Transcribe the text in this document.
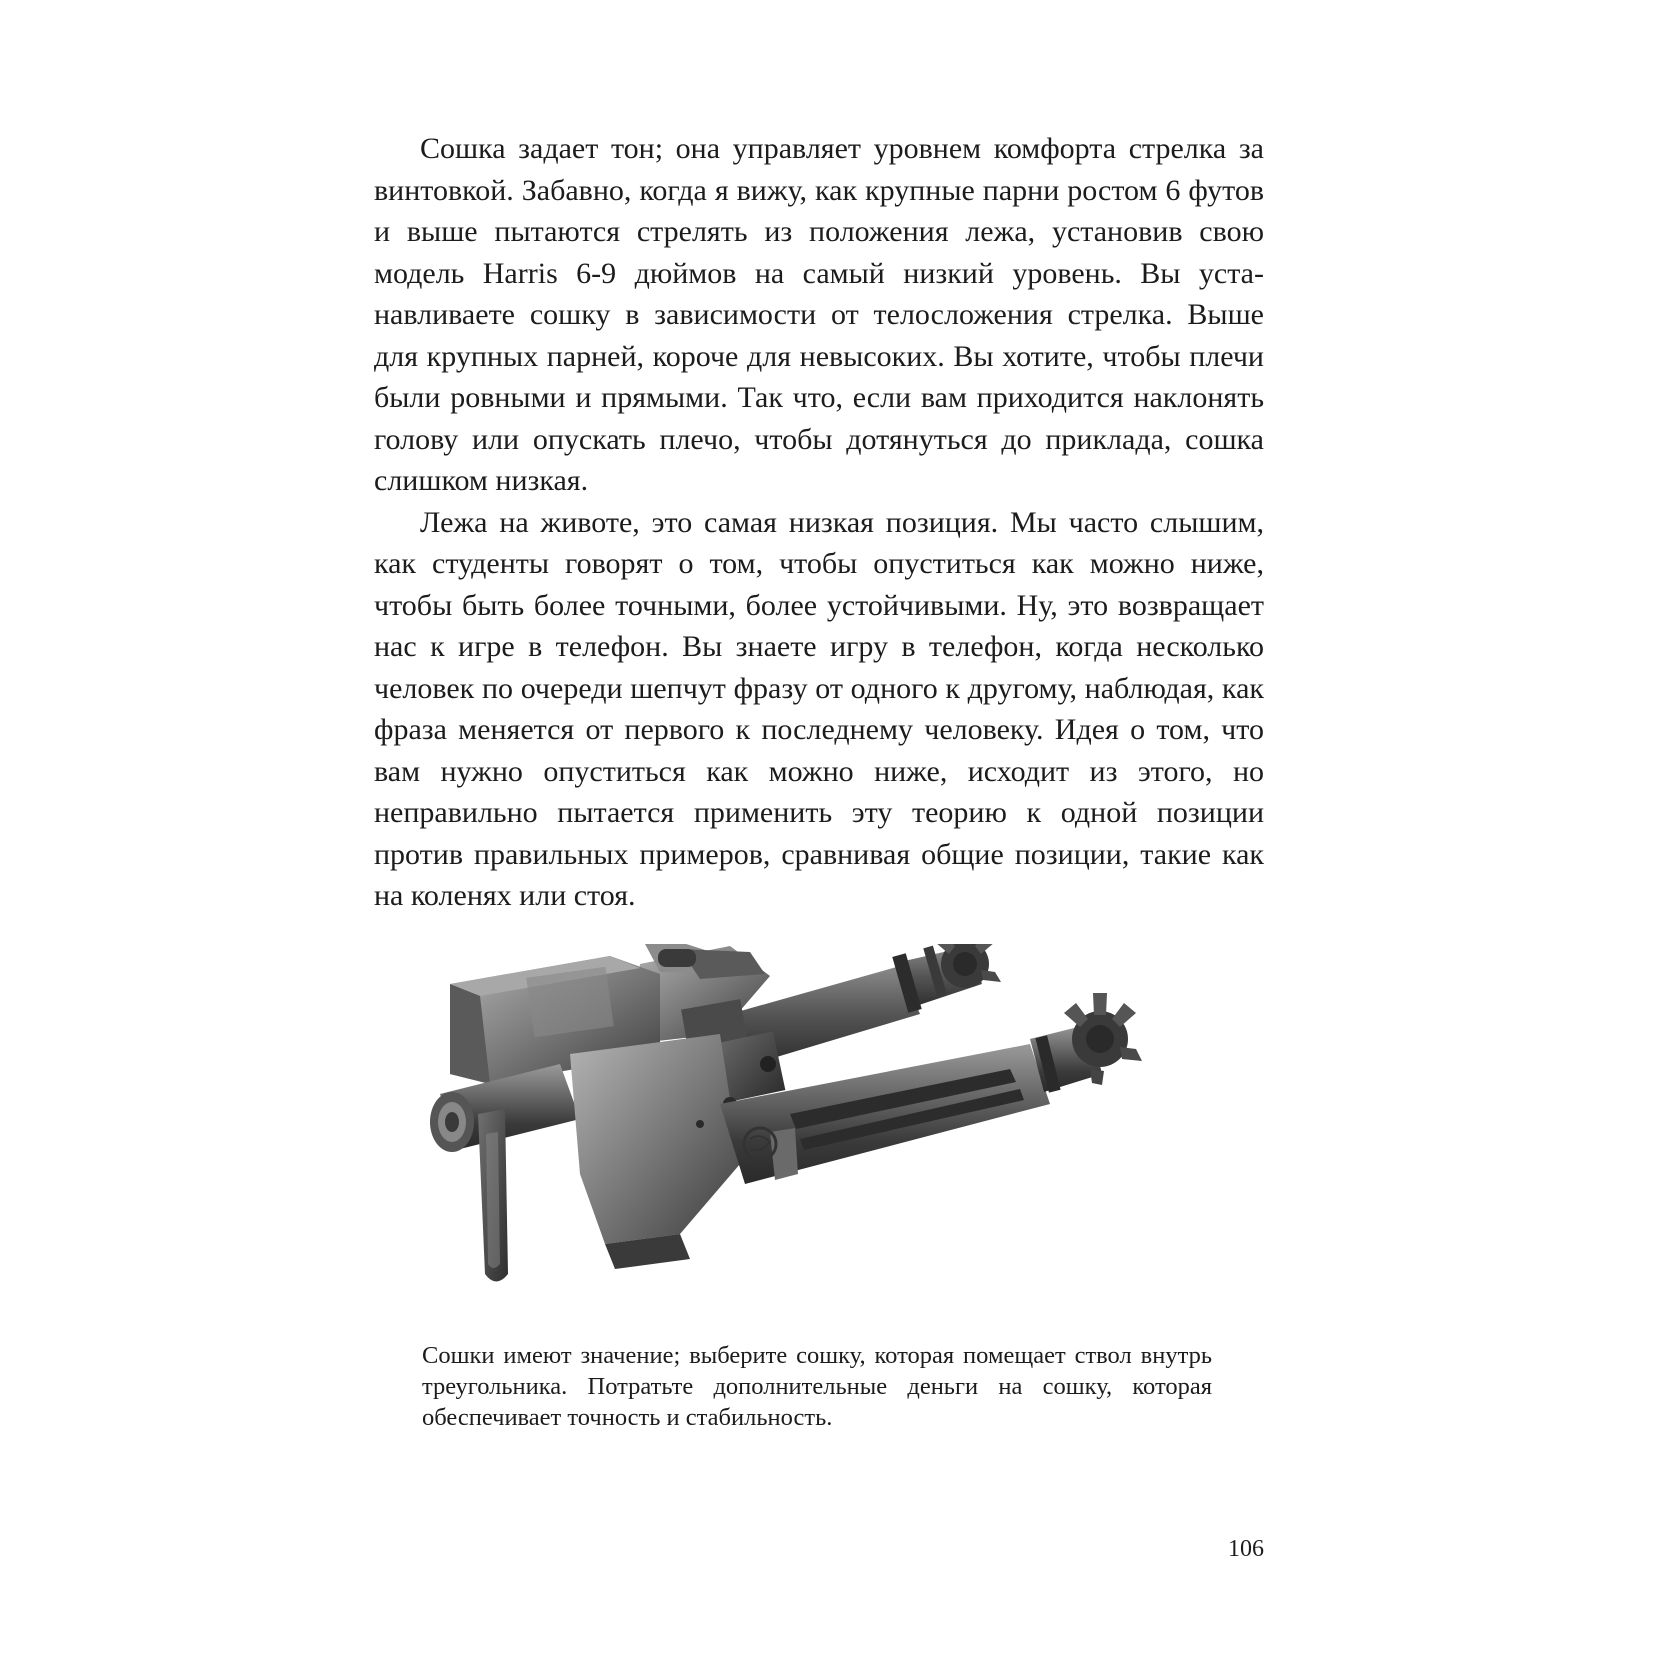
Сошка задает тон; она управляет уровнем комфорта стрелка за винтовкой. Забавно, когда я вижу, как крупные парни ростом 6 футов и выше пытаются стрелять из положения лежа, установив свою модель Harris 6-9 дюймов на самый низкий уровень. Вы устанавливаете сошку в зависимости от телосложения стрелка. Выше для крупных парней, короче для невысоких. Вы хотите, чтобы плечи были ровными и прямыми. Так что, если вам приходится наклонять голову или опускать плечо, чтобы дотянуться до приклада, сошка слишком низкая.

Лежа на животе, это самая низкая позиция. Мы часто слышим, как студенты говорят о том, чтобы опуститься как можно ниже, чтобы быть более точными, более устойчивыми. Ну, это возвращает нас к игре в телефон. Вы знаете игру в телефон, когда несколько человек по очереди шепчут фразу от одного к другому, наблюдая, как фраза меняется от первого к последнему человеку. Идея о том, что вам нужно опуститься как можно ниже, исходит из этого, но неправильно пытается применить эту теорию к одной позиции против правильных примеров, сравнивая общие позиции, такие как на коленях или стоя.

Сошки имеют значение; выберите сошку, которая помещает ствол внутрь треугольника. Потратьте дополнительные деньги на сошку, которая обеспечивает точность и стабильность.
106
